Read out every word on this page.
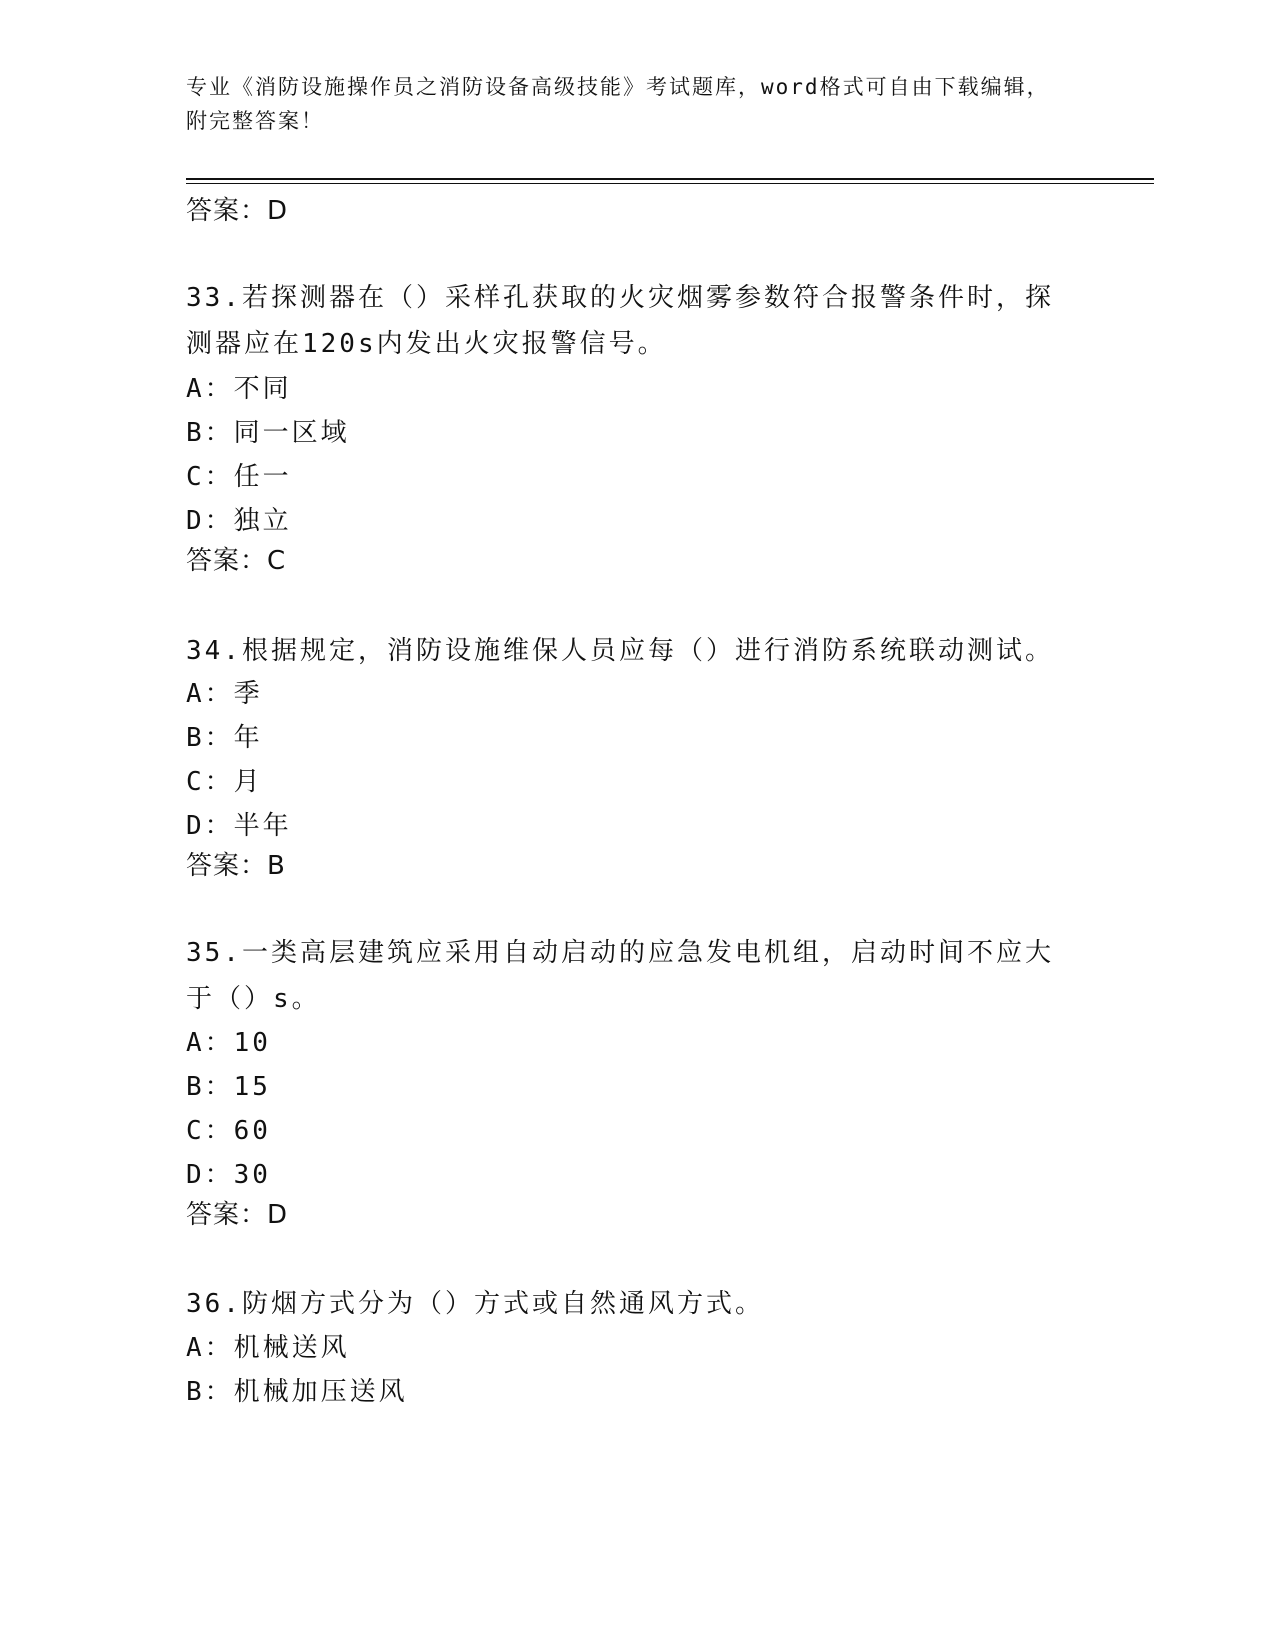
专业《消防设施操作员之消防设备高级技能》考试题库，word格式可自由下载编辑，附完整答案！
答案：D
33.若探测器在（）采样孔获取的火灾烟雾参数符合报警条件时，探测器应在120s内发出火灾报警信号。
A：不同
B：同一区域
C：任一
D：独立
答案：C
34.根据规定，消防设施维保人员应每（）进行消防系统联动测试。
A：季
B：年
C：月
D：半年
答案：B
35.一类高层建筑应采用自动启动的应急发电机组，启动时间不应大于（）s。
A：10
B：15
C：60
D：30
答案：D
36.防烟方式分为（）方式或自然通风方式。
A：机械送风
B：机械加压送风
